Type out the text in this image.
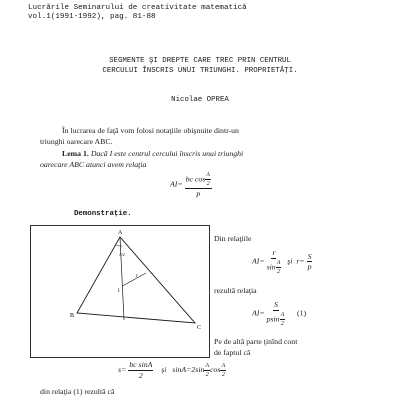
Lucrările Seminarului de creativitate matematică
vol.1(1991-1992), pag. 81-88
SEGMENTE ŞI DREPTE CARE TREC PRIN CENTRUL
CERCULUI ÎNSCRIS UNUI TRIUNGHI. PROPRIETĂŢI.
Nicolae OPREA
În lucrarea de faţă vom folosi notaţiile obişnuite dintr-un
triunghi oarecare ABC.
Lema 1. Dacă I este centrul cercului înscris unui triunghi
oarecare ABC atunci avem relaţia
$AI= \frac{bc \cos \frac{A}{2}}{p}$
Demonstraţie.
A
B
C
I
r
A/2
Din relaţiile
$AI= \frac{r}{\sin \frac{A}{2}}$ şi $r= \frac{S}{p}$
rezultă relaţia
$AI= \frac{S}{psin \frac{A}{2}} (1)$
Pe de altă parte ţinînd cont
de faptul că
$s= \frac{\text{bc sinA}}{2}$ şi $\sin A=2\sin \frac{A}{2}$ $\cos \frac{A}{2}$
din relaţia (1) rezultă că
